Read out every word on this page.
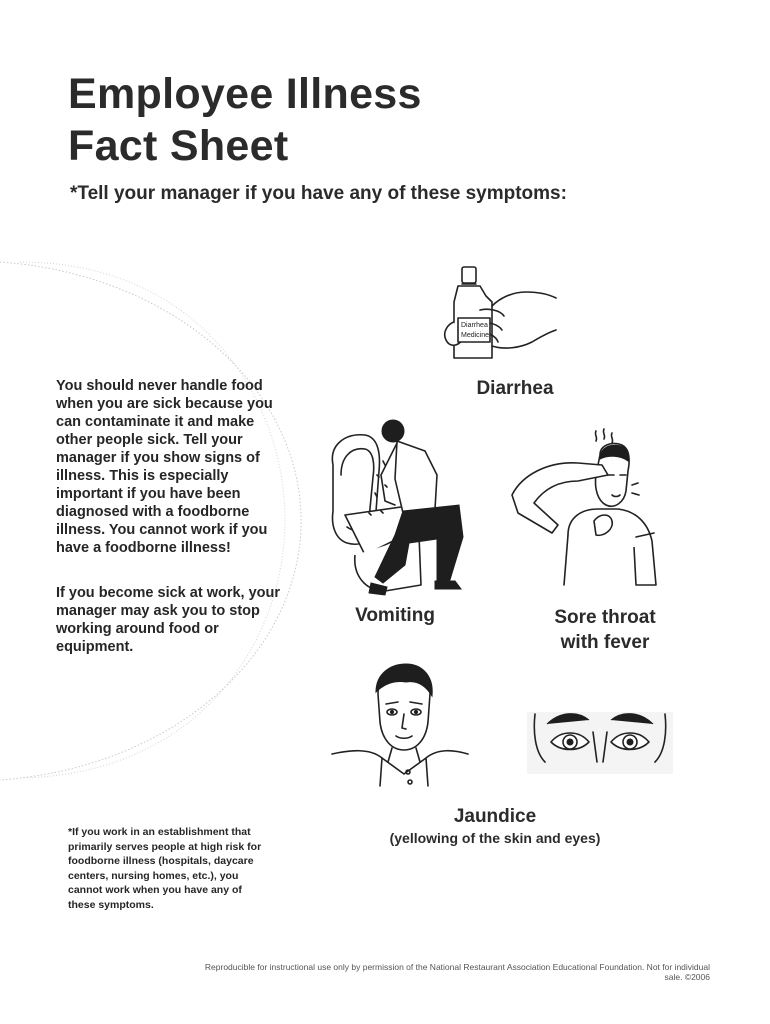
Employee Illness
Fact Sheet
*Tell your manager if you have any of these symptoms:
You should never handle food when you are sick because you can contaminate it and make other people sick. Tell your manager if you show signs of illness. This is especially important if you have been diagnosed with a foodborne illness. You cannot work if you have a foodborne illness!
If you become sick at work, your manager may ask you to stop working around food or equipment.
*If you work in an establishment that primarily serves people at high risk for foodborne illness (hospitals, daycare centers, nursing homes, etc.), you cannot work when you have any of these symptoms.
Diarrhea
Medicine
Diarrhea
Vomiting	Sore throat
with fever
Jaundice
(yellowing of the skin and eyes)
Reproducible for instructional use only by permission of the National Restaurant Association Educational Foundation. Not for individual sale. ©2006
